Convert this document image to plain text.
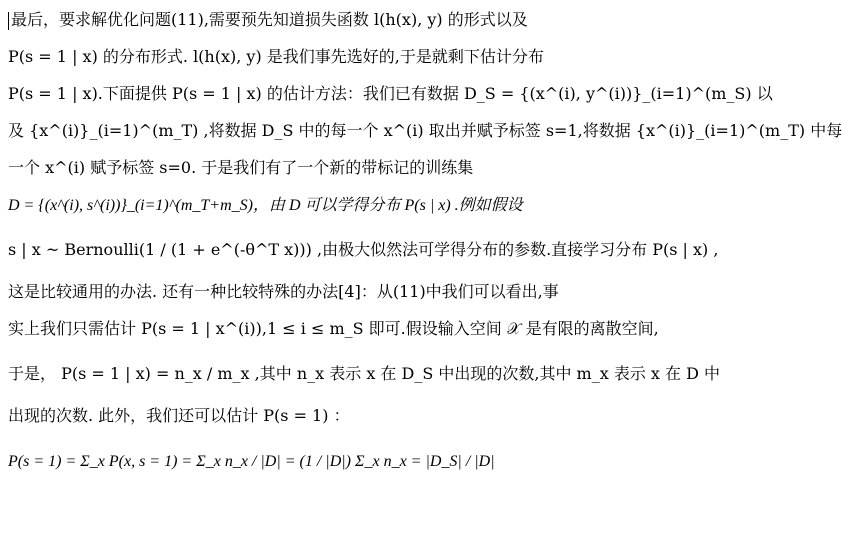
最后，要求解优化问题(11),需要预先知道损失函数 l(h(x), y) 的形式以及
P(s = 1 | x) 的分布形式. l(h(x), y) 是我们事先选好的,于是就剩下估计分布
P(s = 1 | x).下面提供 P(s = 1 | x) 的估计方法：我们已有数据 D_S = {(x^(i), y^(i))}_(i=1)^(m_S) 以
及 {x^(i)}_(i=1)^(m_T) ,将数据 D_S 中的每一个 x^(i) 取出并赋予标签 s=1,将数据 {x^(i)}_(i=1)^(m_T) 中每
一个 x^(i) 赋予标签 s=0. 于是我们有了一个新的带标记的训练集
D = {(x^(i), s^(i))}_(i=1)^(m_T+m_S)，由 D 可以学得分布 P(s | x) .例如假设
s | x ~ Bernoulli(1 / (1 + e^(-θ^T x))) ,由极大似然法可学得分布的参数.直接学习分布 P(s | x) ,
这是比较通用的办法. 还有一种比较特殊的办法[4]：从(11)中我们可以看出,事
实上我们只需估计 P(s = 1 | x^(i)),1 ≤ i ≤ m_S 即可.假设输入空间 𝒳 是有限的离散空间,
于是， P(s = 1 | x) = n_x / m_x ,其中 n_x 表示 x 在 D_S 中出现的次数,其中 m_x 表示 x 在 D 中
出现的次数. 此外，我们还可以估计 P(s = 1) ：
P(s = 1) = Σ_x P(x, s = 1) = Σ_x n_x / |D| = (1 / |D|) Σ_x n_x = |D_S| / |D|
